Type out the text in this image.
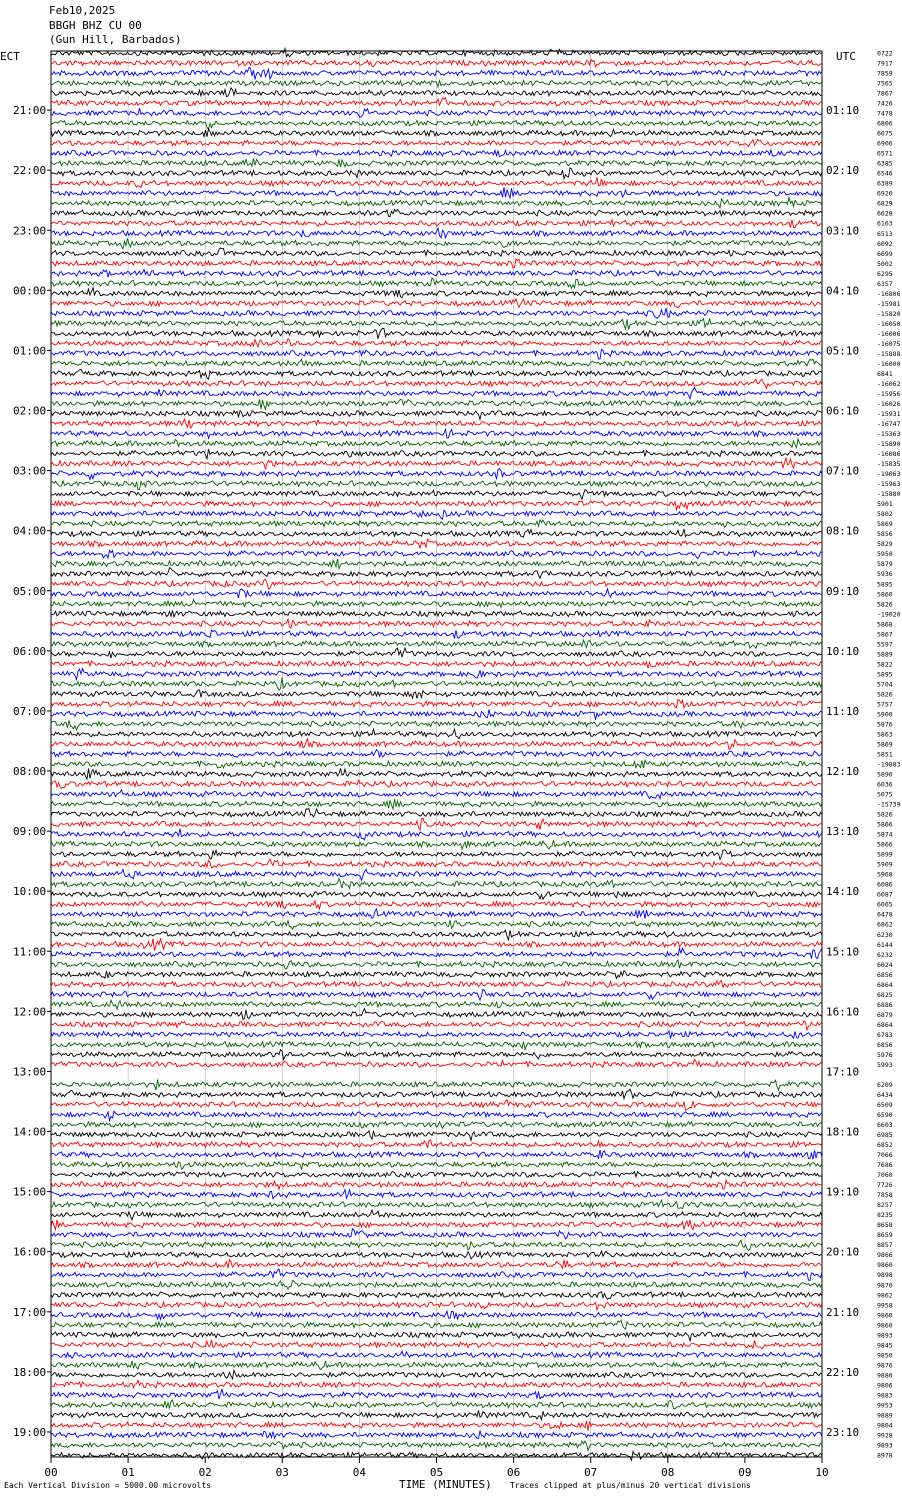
Feb10,2025
BBGH BHZ CU 00
(Gun Hill, Barbados)
ECT	UTC	0722
7917
7859
7565
7867
7426
7478
6806
6075
6906
6571
6385
6546
6389
6920
6829
6628
6163
6513
6092
6699
5002
6295
6357
-16806
-15981
-15820
-16050
-16006
-16075
-15888
-16000
6841
-16062
-15956
-16026
-15931
-16747
-15363
-15890
-16086
-15835
-19063
-15963
-15880
5901
5802
5869
5856
5829
5950
5879
5936
5895
5860
5826
-19020
5868
5867
5597
5889
5822
5895
5704
5826
5757
5900
5876
5863
5869
5851
-19883
5890
6036
5075
-15739
5826
5866
5874
5866
5899
5909
5968
6086
6087
6065
6478
6862
6230
6144
6232
6024
6856
6864
6825
6886
6879
6864
6783
6856
5976
5993
6209
6434
6509
6590
6603
6985
6852
7066
7686
7060
7726
7858
8257
8235
8658
8659
8857
9866
9860
9898
9870
9862
9958
9860
9860
9893
9845
9850
9876
9880
9806
9883
9953
9889
9804
9928
9893
8978
21:00
22:00
23:00
00:00
01:00
02:00
03:00
04:00
05:00
06:00
07:00
08:00
09:00
10:00
11:00
12:00
13:00
14:00
15:00
16:00
17:00
18:00
19:00
01:10
02:10
03:10
04:10
05:10
06:10
07:10
08:10
09:10
10:10
11:10
12:10
13:10
14:10
15:10
16:10
17:10
18:10
19:10
20:10
21:10
22:10
23:10
00	01	02	03	04	05	06	07	08	09	10
Each Vertical Division = 5000.00 microvolts	TIME (MINUTES) Traces clipped at plus/minus 20 vertical divisions
